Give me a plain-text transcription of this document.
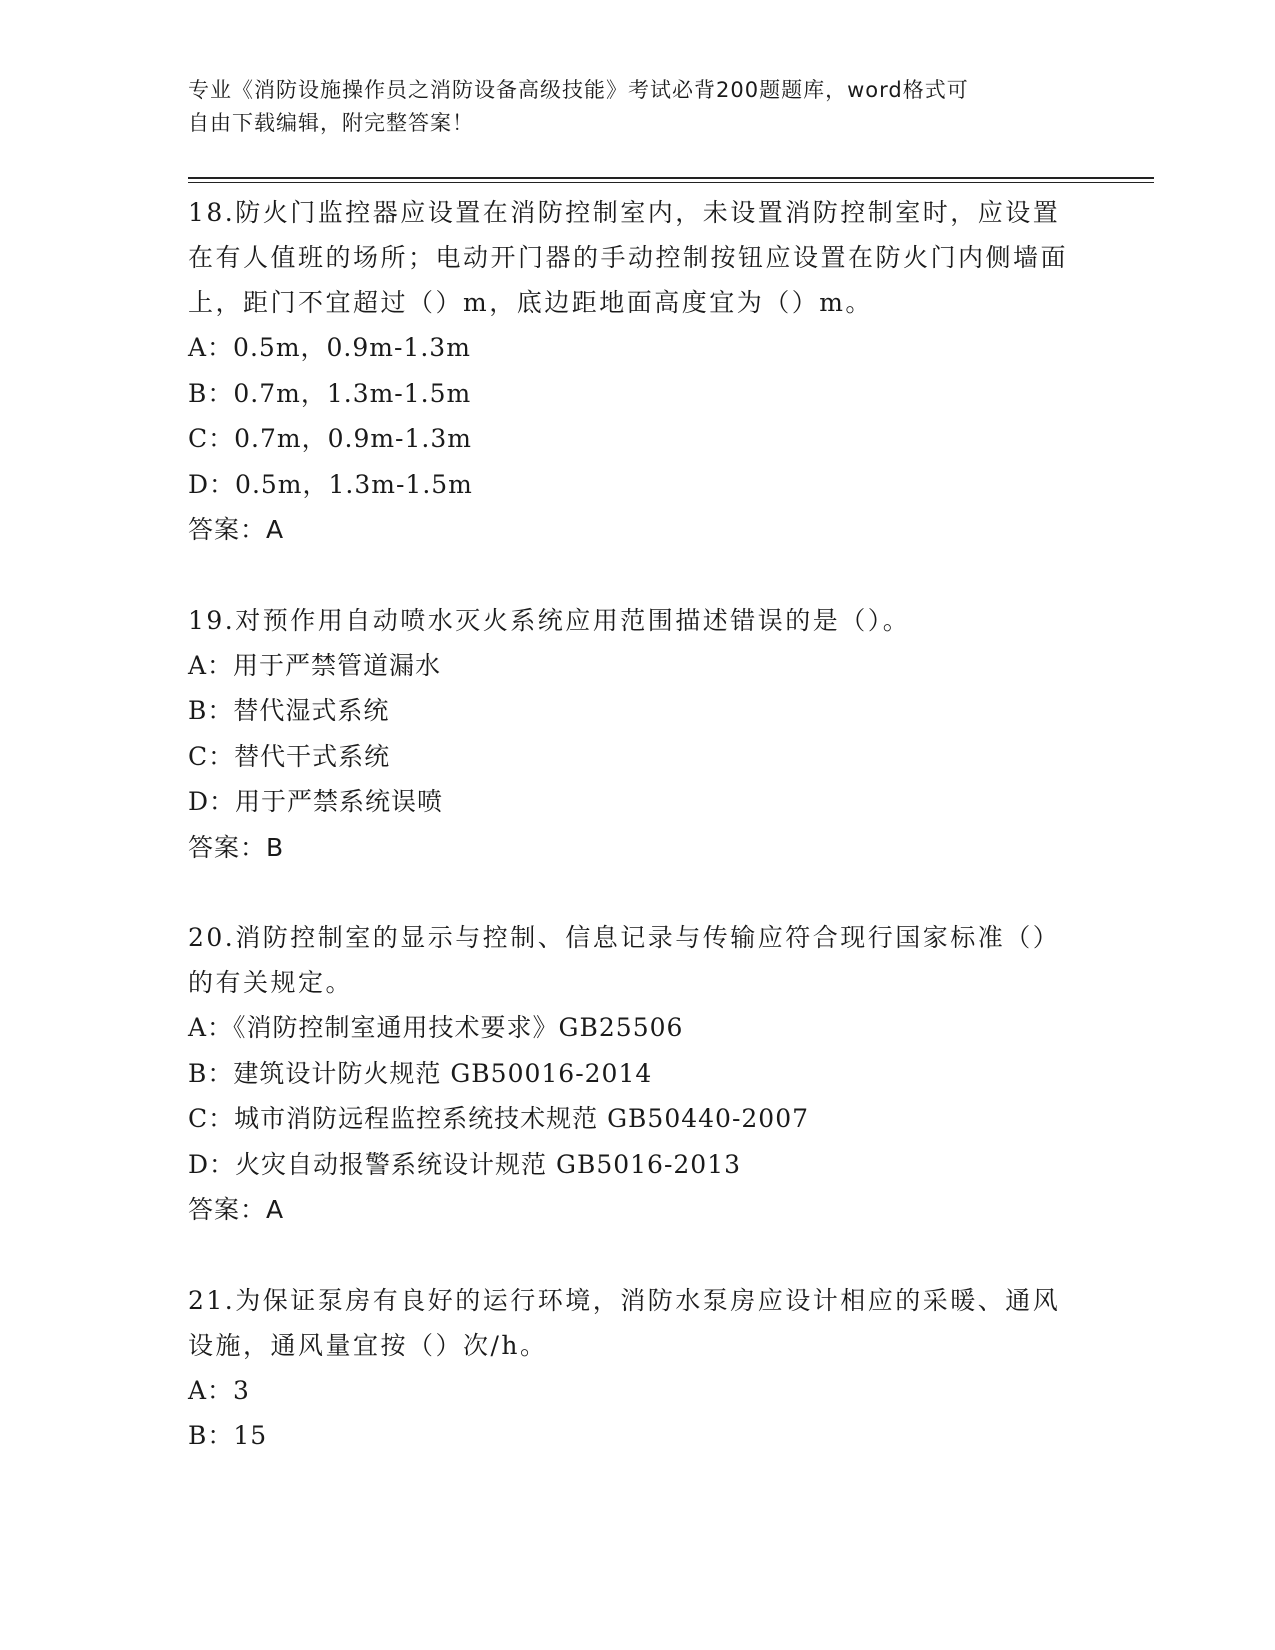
专业《消防设施操作员之消防设备高级技能》考试必背200题题库，word格式可
自由下载编辑，附完整答案！

18.防火门监控器应设置在消防控制室内，未设置消防控制室时，应设置在有人值班的场所；电动开门器的手动控制按钮应设置在防火门内侧墙面上，距门不宜超过（）m，底边距地面高度宜为（）m。

A：0.5m，0.9m-1.3m

B：0.7m，1.3m-1.5m

C：0.7m，0.9m-1.3m

D：0.5m，1.3m-1.5m

答案：A

19.对预作用自动喷水灭火系统应用范围描述错误的是（）。

A：用于严禁管道漏水

B：替代湿式系统

C：替代干式系统

D：用于严禁系统误喷

答案：B

20.消防控制室的显示与控制、信息记录与传输应符合现行国家标准（）的有关规定。

A：《消防控制室通用技术要求》GB25506

B：建筑设计防火规范 GB50016-2014

C：城市消防远程监控系统技术规范 GB50440-2007

D：火灾自动报警系统设计规范 GB5016-2013

答案：A

21.为保证泵房有良好的运行环境，消防水泵房应设计相应的采暖、通风设施，通风量宜按（）次/h。

A：3

B：15
